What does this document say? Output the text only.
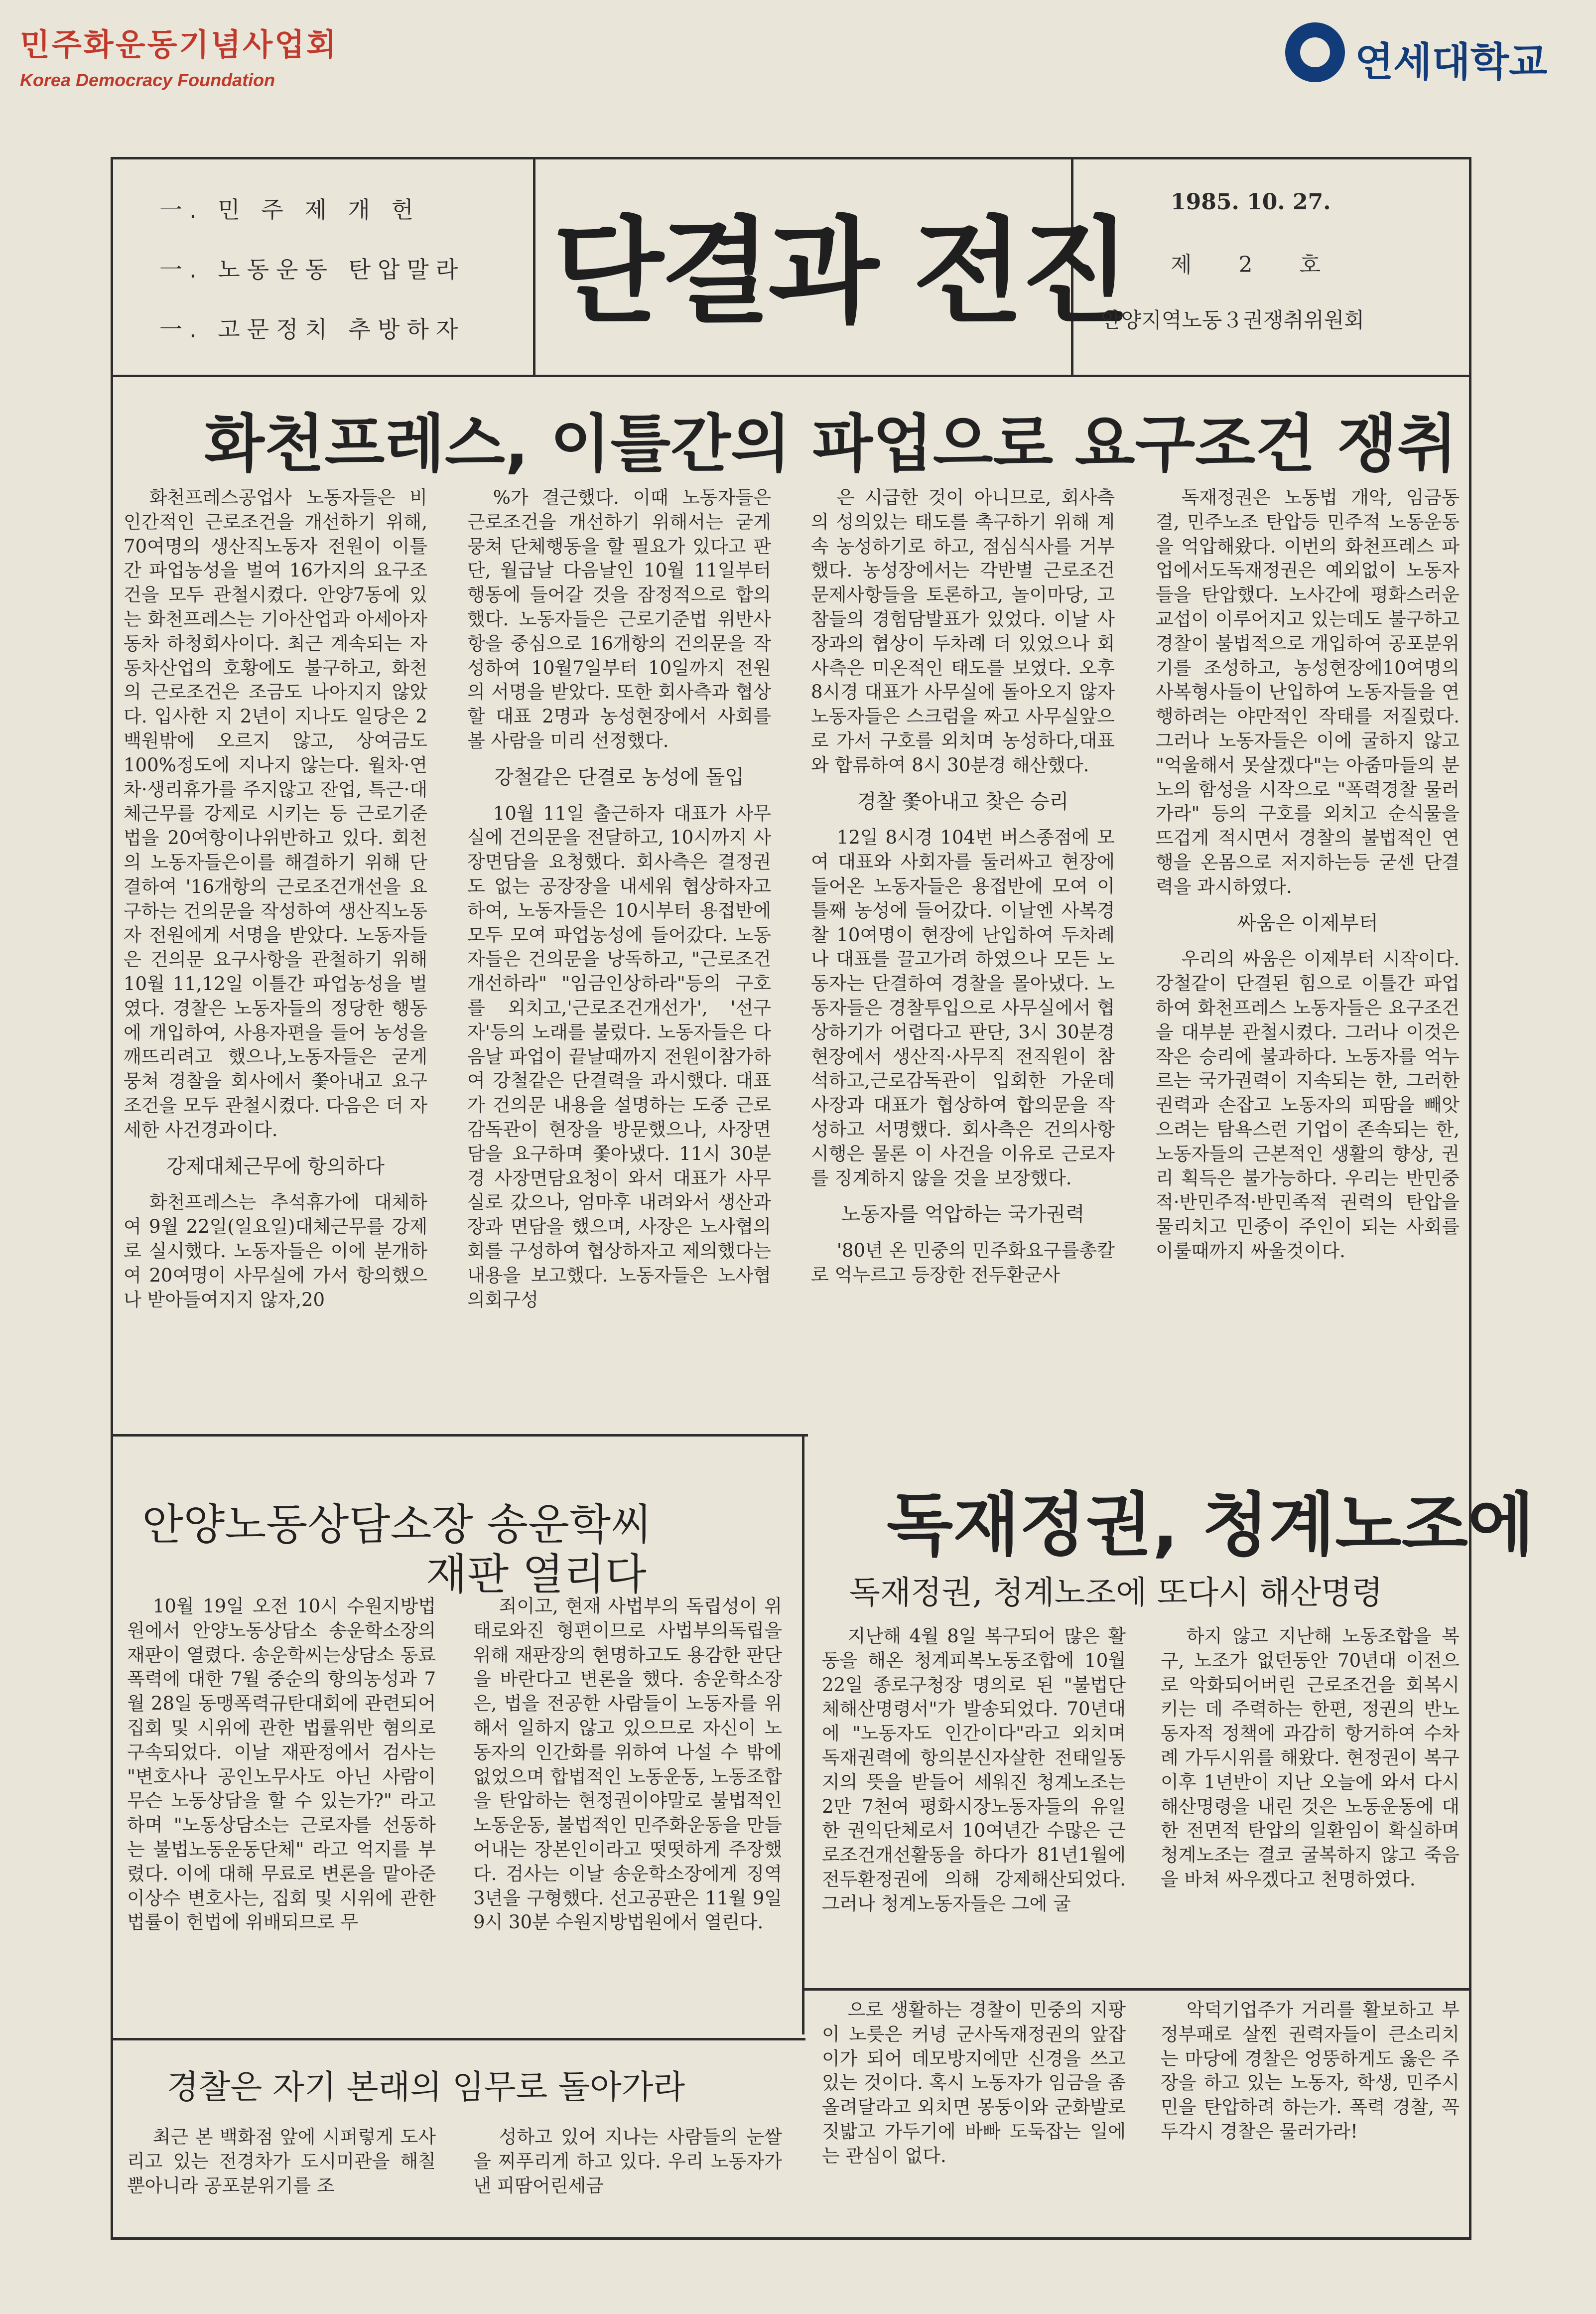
민주화운동기념사업회
Korea Democracy Foundation	연세대학교
一. 민 주 제 개 헌
一. 노동운동 탄압말라
一. 고문정치 추방하자 단결과 전진
1985. 10. 27.
제 2 호
안양지역노동３권쟁취위원회
화천프레스, 이틀간의 파업으로 요구조건 쟁취

화천프레스공업사 노동자들은 비인간적인 근로조건을 개선하기 위해, 70여명의 생산직노동자 전원이 이틀간 파업농성을 벌여 16가지의 요구조건을 모두 관철시켰다. 안양7동에 있는 화천프레스는 기아산업과 아세아자동차 하청회사이다. 최근 계속되는 자동차산업의 호황에도 불구하고, 화천의 근로조건은 조금도 나아지지 않았다. 입사한 지 2년이 지나도 일당은 2백원밖에 오르지 않고, 상여금도 100%정도에 지나지 않는다. 월차·연차·생리휴가를 주지않고 잔업, 특근·대체근무를 강제로 시키는 등 근로기준법을 20여항이나위반하고 있다. 회천의 노동자들은이를 해결하기 위해 단결하여 '16개항의 근로조건개선을 요구하는 건의문을 작성하여 생산직노동자 전원에게 서명을 받았다. 노동자들은 건의문 요구사항을 관철하기 위해 10월 11,12일 이틀간 파업농성을 벌였다. 경찰은 노동자들의 정당한 행동에 개입하여, 사용자편을 들어 농성을 깨뜨리려고 했으나,노동자들은 굳게 뭉쳐 경찰을 회사에서 쫓아내고 요구조건을 모두 관철시켰다. 다음은 더 자세한 사건경과이다.

강제대체근무에 항의하다

화천프레스는 추석휴가에 대체하여 9월 22일(일요일)대체근무를 강제로 실시했다. 노동자들은 이에 분개하여 20여명이 사무실에 가서 항의했으나 받아들여지지 않자,20

%가 결근했다. 이때 노동자들은 근로조건을 개선하기 위해서는 굳게 뭉쳐 단체행동을 할 필요가 있다고 판단, 월급날 다음날인 10월 11일부터 행동에 들어갈 것을 잠정적으로 합의했다. 노동자들은 근로기준법 위반사항을 중심으로 16개항의 건의문을 작성하여 10월7일부터 10일까지 전원의 서명을 받았다. 또한 회사측과 협상할 대표 2명과 농성현장에서 사회를 볼 사람을 미리 선정했다.

강철같은 단결로 농성에 돌입

10월 11일 출근하자 대표가 사무실에 건의문을 전달하고, 10시까지 사장면담을 요청했다. 회사측은 결정권도 없는 공장장을 내세워 협상하자고 하여, 노동자들은 10시부터 용접반에 모두 모여 파업농성에 들어갔다. 노동자들은 건의문을 낭독하고, "근로조건 개선하라" "임금인상하라"등의 구호를 외치고,'근로조건개선가', '선구자'등의 노래를 불렀다. 노동자들은 다음날 파업이 끝날때까지 전원이참가하여 강철같은 단결력을 과시했다. 대표가 건의문 내용을 설명하는 도중 근로감독관이 현장을 방문했으나, 사장면담을 요구하며 쫓아냈다. 11시 30분경 사장면담요청이 와서 대표가 사무실로 갔으나, 엄마후 내려와서 생산과장과 면담을 했으며, 사장은 노사협의회를 구성하여 협상하자고 제의했다는 내용을 보고했다. 노동자들은 노사협의회구성

은 시급한 것이 아니므로, 회사측의 성의있는 태도를 촉구하기 위해 계속 농성하기로 하고, 점심식사를 거부했다. 농성장에서는 각반별 근로조건문제사항들을 토론하고, 놀이마당, 고참들의 경험담발표가 있었다. 이날 사장과의 협상이 두차례 더 있었으나 회사측은 미온적인 태도를 보였다. 오후 8시경 대표가 사무실에 돌아오지 않자 노동자들은 스크럼을 짜고 사무실앞으로 가서 구호를 외치며 농성하다,대표와 합류하여 8시 30분경 해산했다.

경찰 쫓아내고 찾은 승리

12일 8시경 104번 버스종점에 모여 대표와 사회자를 둘러싸고 현장에 들어온 노동자들은 용접반에 모여 이틀째 농성에 들어갔다. 이날엔 사복경찰 10여명이 현장에 난입하여 두차례나 대표를 끌고가려 하였으나 모든 노동자는 단결하여 경찰을 몰아냈다. 노동자들은 경찰투입으로 사무실에서 협상하기가 어렵다고 판단, 3시 30분경현장에서 생산직·사무직 전직원이 참석하고,근로감독관이 입회한 가운데 사장과 대표가 협상하여 합의문을 작성하고 서명했다. 회사측은 건의사항시행은 물론 이 사건을 이유로 근로자를 징계하지 않을 것을 보장했다.

노동자를 억압하는 국가권력

'80년 온 민중의 민주화요구를총칼로 억누르고 등장한 전두환군사

독재정권은 노동법 개악, 임금동결, 민주노조 탄압등 민주적 노동운동을 억압해왔다. 이번의 화천프레스 파업에서도독재정권은 예외없이 노동자들을 탄압했다. 노사간에 평화스러운 교섭이 이루어지고 있는데도 불구하고 경찰이 불법적으로 개입하여 공포분위기를 조성하고, 농성현장에10여명의 사복형사들이 난입하여 노동자들을 연행하려는 야만적인 작태를 저질렀다. 그러나 노동자들은 이에 굴하지 않고 "억울해서 못살겠다"는 아줌마들의 분노의 함성을 시작으로 "폭력경찰 물러가라" 등의 구호를 외치고 순식물을 뜨겁게 적시면서 경찰의 불법적인 연행을 온몸으로 저지하는등 굳센 단결력을 과시하였다.

싸움은 이제부터

우리의 싸움은 이제부터 시작이다. 강철같이 단결된 힘으로 이틀간 파업하여 화천프레스 노동자들은 요구조건을 대부분 관철시켰다. 그러나 이것은 작은 승리에 불과하다. 노동자를 억누르는 국가권력이 지속되는 한, 그러한 권력과 손잡고 노동자의 피땀을 빼앗으려는 탐욕스런 기업이 존속되는 한, 노동자들의 근본적인 생활의 향상, 권리 획득은 불가능하다. 우리는 반민중적·반민주적·반민족적 권력의 탄압을 물리치고 민중이 주인이 되는 사회를 이룰때까지 싸울것이다.

안양노동상담소장 송운학씨
재판 열리다

10월 19일 오전 10시 수원지방법원에서 안양노동상담소 송운학소장의 재판이 열렸다. 송운학씨는상담소 동료폭력에 대한 7월 중순의 항의농성과 7월 28일 동맹폭력규탄대회에 관련되어 집회 및 시위에 관한 법률위반 혐의로 구속되었다. 이날 재판정에서 검사는 "변호사나 공인노무사도 아닌 사람이 무슨 노동상담을 할 수 있는가?" 라고 하며 "노동상담소는 근로자를 선동하는 불법노동운동단체" 라고 억지를 부렸다. 이에 대해 무료로 변론을 맡아준 이상수 변호사는, 집회 및 시위에 관한 법률이 헌법에 위배되므로 무

죄이고, 현재 사법부의 독립성이 위태로와진 형편이므로 사법부의독립을 위해 재판장의 현명하고도 용감한 판단을 바란다고 변론을 했다. 송운학소장은, 법을 전공한 사람들이 노동자를 위해서 일하지 않고 있으므로 자신이 노동자의 인간화를 위하여 나설 수 밖에 없었으며 합법적인 노동운동, 노동조합을 탄압하는 현정권이야말로 불법적인 노동운동, 불법적인 민주화운동을 만들어내는 장본인이라고 떳떳하게 주장했다. 검사는 이날 송운학소장에게 징역 3년을 구형했다. 선고공판은 11월 9일 9시 30분 수원지방법원에서 열린다.

독재정권, 청계노조에
독재정권, 청계노조에 또다시 해산명령

지난해 4월 8일 복구되어 많은 활동을 해온 청계피복노동조합에 10월 22일 종로구청장 명의로 된 "불법단체해산명령서"가 발송되었다. 70년대에 "노동자도 인간이다"라고 외치며 독재권력에 항의분신자살한 전태일동지의 뜻을 받들어 세워진 청계노조는 2만 7천여 평화시장노동자들의 유일한 권익단체로서 10여년간 수많은 근로조건개선활동을 하다가 81년1월에 전두환정권에 의해 강제해산되었다. 그러나 청계노동자들은 그에 굴

하지 않고 지난해 노동조합을 복구, 노조가 없던동안 70년대 이전으로 악화되어버린 근로조건을 회복시키는 데 주력하는 한편, 정권의 반노동자적 정책에 과감히 항거하여 수차례 가두시위를 해왔다. 현정권이 복구이후 1년반이 지난 오늘에 와서 다시 해산명령을 내린 것은 노동운동에 대한 전면적 탄압의 일환임이 확실하며 청계노조는 결코 굴복하지 않고 죽음을 바쳐 싸우겠다고 천명하였다.

경찰은 자기 본래의 임무로 돌아가라

최근 본 백화점 앞에 시퍼렇게 도사리고 있는 전경차가 도시미관을 해칠 뿐아니라 공포분위기를 조

성하고 있어 지나는 사람들의 눈쌀을 찌푸리게 하고 있다. 우리 노동자가 낸 피땀어린세금

으로 생활하는 경찰이 민중의 지팡이 노릇은 커녕 군사독재정권의 앞잡이가 되어 데모방지에만 신경을 쓰고 있는 것이다. 혹시 노동자가 임금을 좀 올려달라고 외치면 몽둥이와 군화발로 짓밟고 가두기에 바빠 도둑잡는 일에는 관심이 없다.

악덕기업주가 거리를 활보하고 부정부패로 살찐 권력자들이 큰소리치는 마당에 경찰은 엉뚱하게도 옳은 주장을 하고 있는 노동자, 학생, 민주시민을 탄압하려 하는가. 폭력 경찰, 꼭두각시 경찰은 물러가라!
